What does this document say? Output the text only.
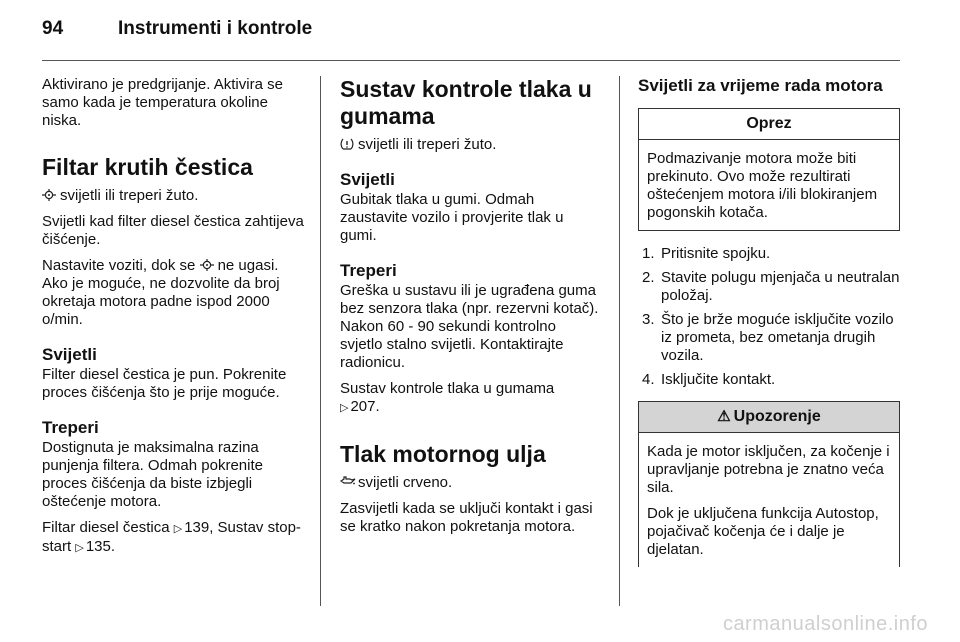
94	Instrumenti i kontrole

Aktivirano je predgrijanje. Aktivira se samo kada je temperatura okoline niska.

Filtar krutih čestica

svijetli ili treperi žuto.

Svijetli kad filter diesel čestica zahtijeva čišćenje.

Nastavite voziti, dok se ne ugasi. Ako je moguće, ne dozvolite da broj okretaja motora padne ispod 2000 o/min.

Svijetli

Filter diesel čestica je pun. Pokrenite proces čišćenja što je prije moguće.

Treperi

Dostignuta je maksimalna razina punjenja filtera. Odmah pokrenite proces čišćenja da biste izbjegli oštećenje motora.

Filtar diesel čestica ▷ 139, Sustav stop-start ▷ 135.

Sustav kontrole tlaka u gumama

svijetli ili treperi žuto.

Svijetli

Gubitak tlaka u gumi. Odmah zaustavite vozilo i provjerite tlak u gumi.

Treperi

Greška u sustavu ili je ugrađena guma bez senzora tlaka (npr. rezervni kotač). Nakon 60 - 90 sekundi kontrolno svjetlo stalno svijetli. Kontaktirajte radionicu.

Sustav kontrole tlaka u gumama
▷ 207.

Tlak motornog ulja

svijetli crveno.

Zasvijetli kada se uključi kontakt i gasi se kratko nakon pokretanja motora.

Svijetli za vrijeme rada motora
Oprez
Podmazivanje motora može biti prekinuto. Ovo može rezultirati oštećenjem motora i/ili blokiranjem pogonskih kotača.
1. Pritisnite spojku.
2. Stavite polugu mjenjača u neutralan položaj.
3. Što je brže moguće isključite vozilo iz prometa, bez ometanja drugih vozila.
4. Isključite kontakt.
⚠ Upozorenje

Kada je motor isključen, za kočenje i upravljanje potrebna je znatno veća sila.

Dok je uključena funkcija Autostop, pojačivač kočenja će i dalje je djelatan.

carmanualsonline.info
